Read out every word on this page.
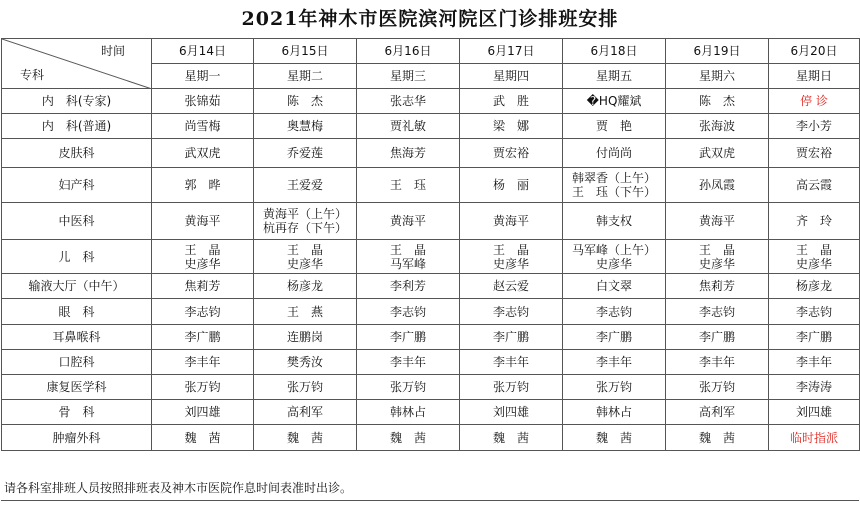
2021年神木市医院滨河院区门诊排班安排
时间
专科	6月14日	6月15日	6月16日	6月17日	6月18日	6月19日	6月20日
	星期一	星期二	星期三	星期四	星期五	星期六	星期日
内　科(专家)	张锦茹	陈　杰	张志华	武　胜	�HQ耀斌	陈　杰	停 诊

内　科(普通)	尚雪梅	奥慧梅	贾礼敏	梁　娜	贾　艳	张海波	李小芳

皮肤科	武双虎	乔爱莲	焦海芳	贾宏裕	付尚尚	武双虎	贾宏裕

妇产科	郭　晔	王爱爱	王　珏	杨　丽	韩翠香（上午）
王　珏（下午）	孙凤霞	高云霞

中医科	黄海平	黄海平（上午）
杭再存（下午）	黄海平	黄海平	韩支权	黄海平	齐　玲

儿　科	王　晶
史彦华	王　晶
史彦华	王　晶
马军峰	王　晶
史彦华	马军峰（上午）
史彦华	王　晶
史彦华	王　晶
史彦华

输液大厅（中午）	焦莉芳	杨彦龙	李利芳	赵云爱	白文翠	焦莉芳	杨彦龙

眼　科	李志钧	王　燕	李志钧	李志钧	李志钧	李志钧	李志钧

耳鼻喉科	李广鹏	连鹏岗	李广鹏	李广鹏	李广鹏	李广鹏	李广鹏

口腔科	李丰年	樊秀汝	李丰年	李丰年	李丰年	李丰年	李丰年

康复医学科	张万钧	张万钧	张万钧	张万钧	张万钧	张万钧	李涛涛

骨　科	刘四雄	高利军	韩林占	刘四雄	韩林占	高利军	刘四雄

肿瘤外科	魏　茜	魏　茜	魏　茜	魏　茜	魏　茜	魏　茜	临时指派
请各科室排班人员按照排班表及神木市医院作息时间表准时出诊。
